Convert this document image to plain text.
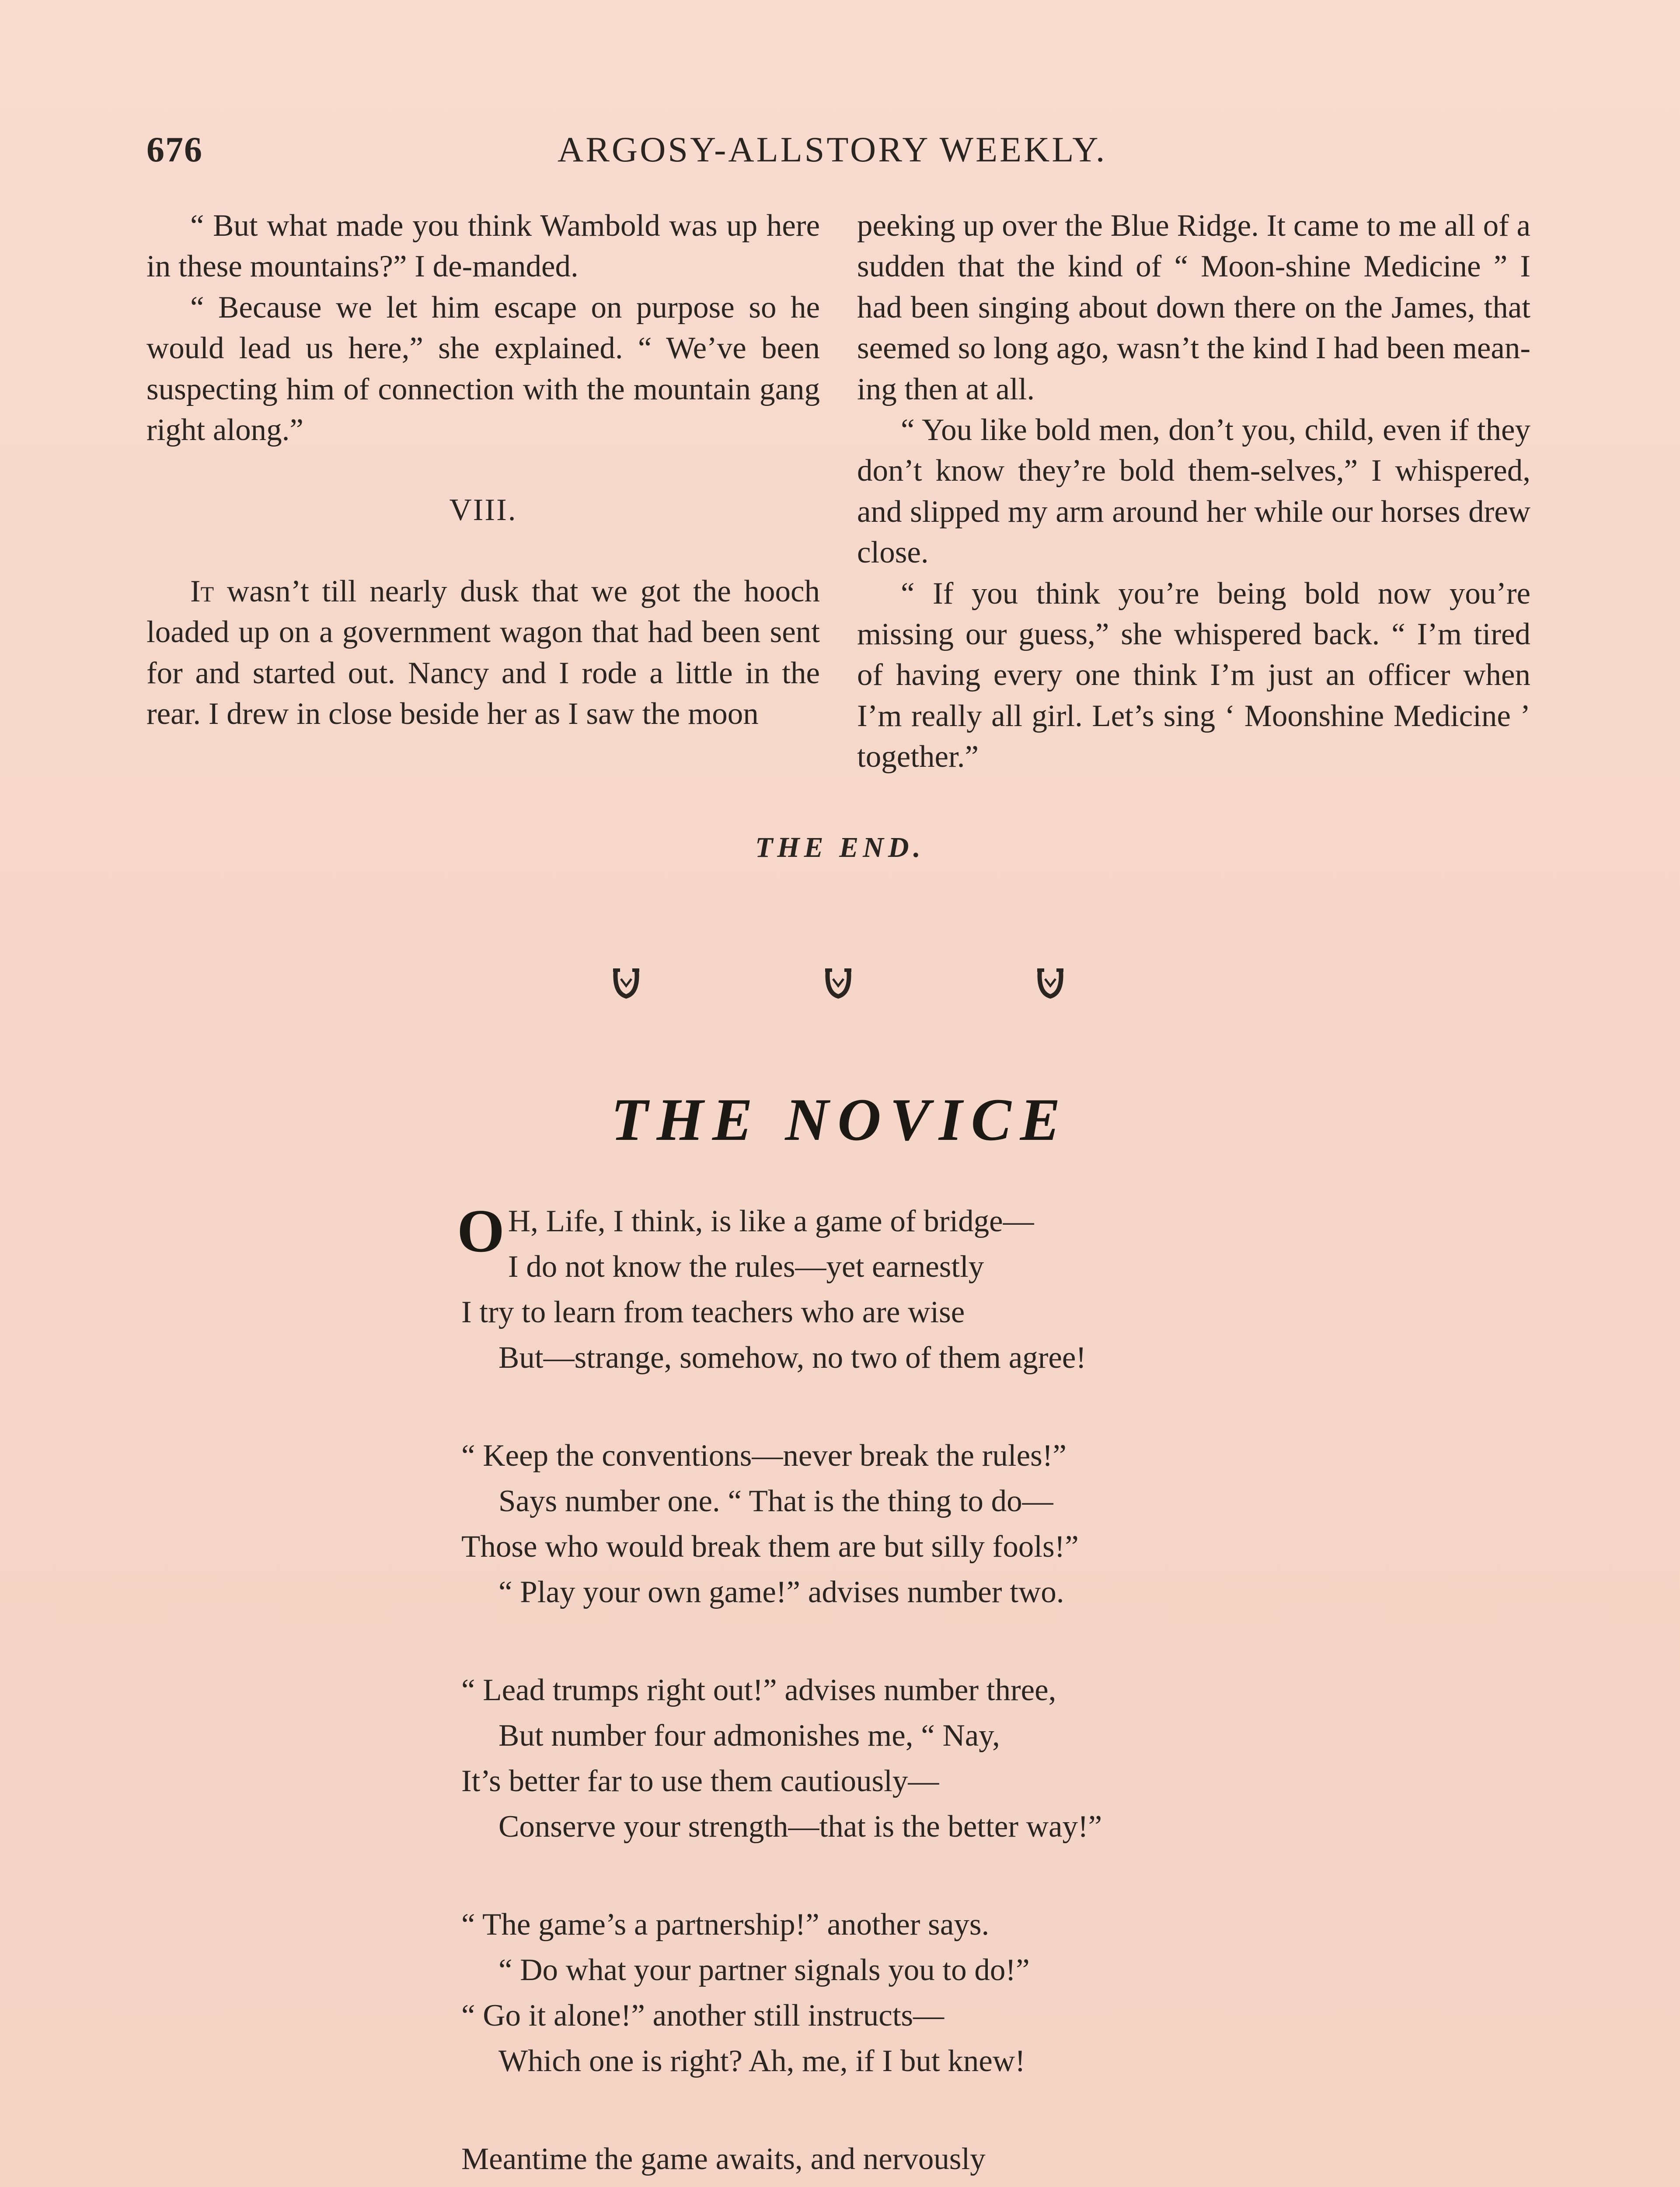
676	ARGOSY-ALLSTORY WEEKLY.

“ But what made you think Wambold was up here in these mountains?” I de-manded.

“ Because we let him escape on purpose so he would lead us here,” she explained. “ We’ve been suspecting him of connection with the mountain gang right along.”

VIII.

It wasn’t till nearly dusk that we got the hooch loaded up on a government wagon that had been sent for and started out. Nancy and I rode a little in the rear. I drew in close beside her as I saw the moon

peeking up over the Blue Ridge. It came to me all of a sudden that the kind of “ Moon-shine Medicine ” I had been singing about down there on the James, that seemed so long ago, wasn’t the kind I had been mean-ing then at all.

“ You like bold men, don’t you, child, even if they don’t know they’re bold them-selves,” I whispered, and slipped my arm around her while our horses drew close.

“ If you think you’re being bold now you’re missing our guess,” she whispered back. “ I’m tired of having every one think I’m just an officer when I’m really all girl. Let’s sing ‘ Moonshine Medicine ’ together.”

THE END.
THE NOVICE
O H, Life, I think, is like a game of bridge—
I do not know the rules—yet earnestly
I try to learn from teachers who are wise
But—strange, somehow, no two of them agree!
“ Keep the conventions—never break the rules!”
Says number one. “ That is the thing to do—
Those who would break them are but silly fools!”
“ Play your own game!” advises number two.
“ Lead trumps right out!” advises number three,
But number four admonishes me, “ Nay,
It’s better far to use them cautiously—
Conserve your strength—that is the better way!”
“ The game’s a partnership!” another says.
“ Do what your partner signals you to do!”
“ Go it alone!” another still instructs—
Which one is right? Ah, me, if I but knew!
Meantime the game awaits, and nervously
